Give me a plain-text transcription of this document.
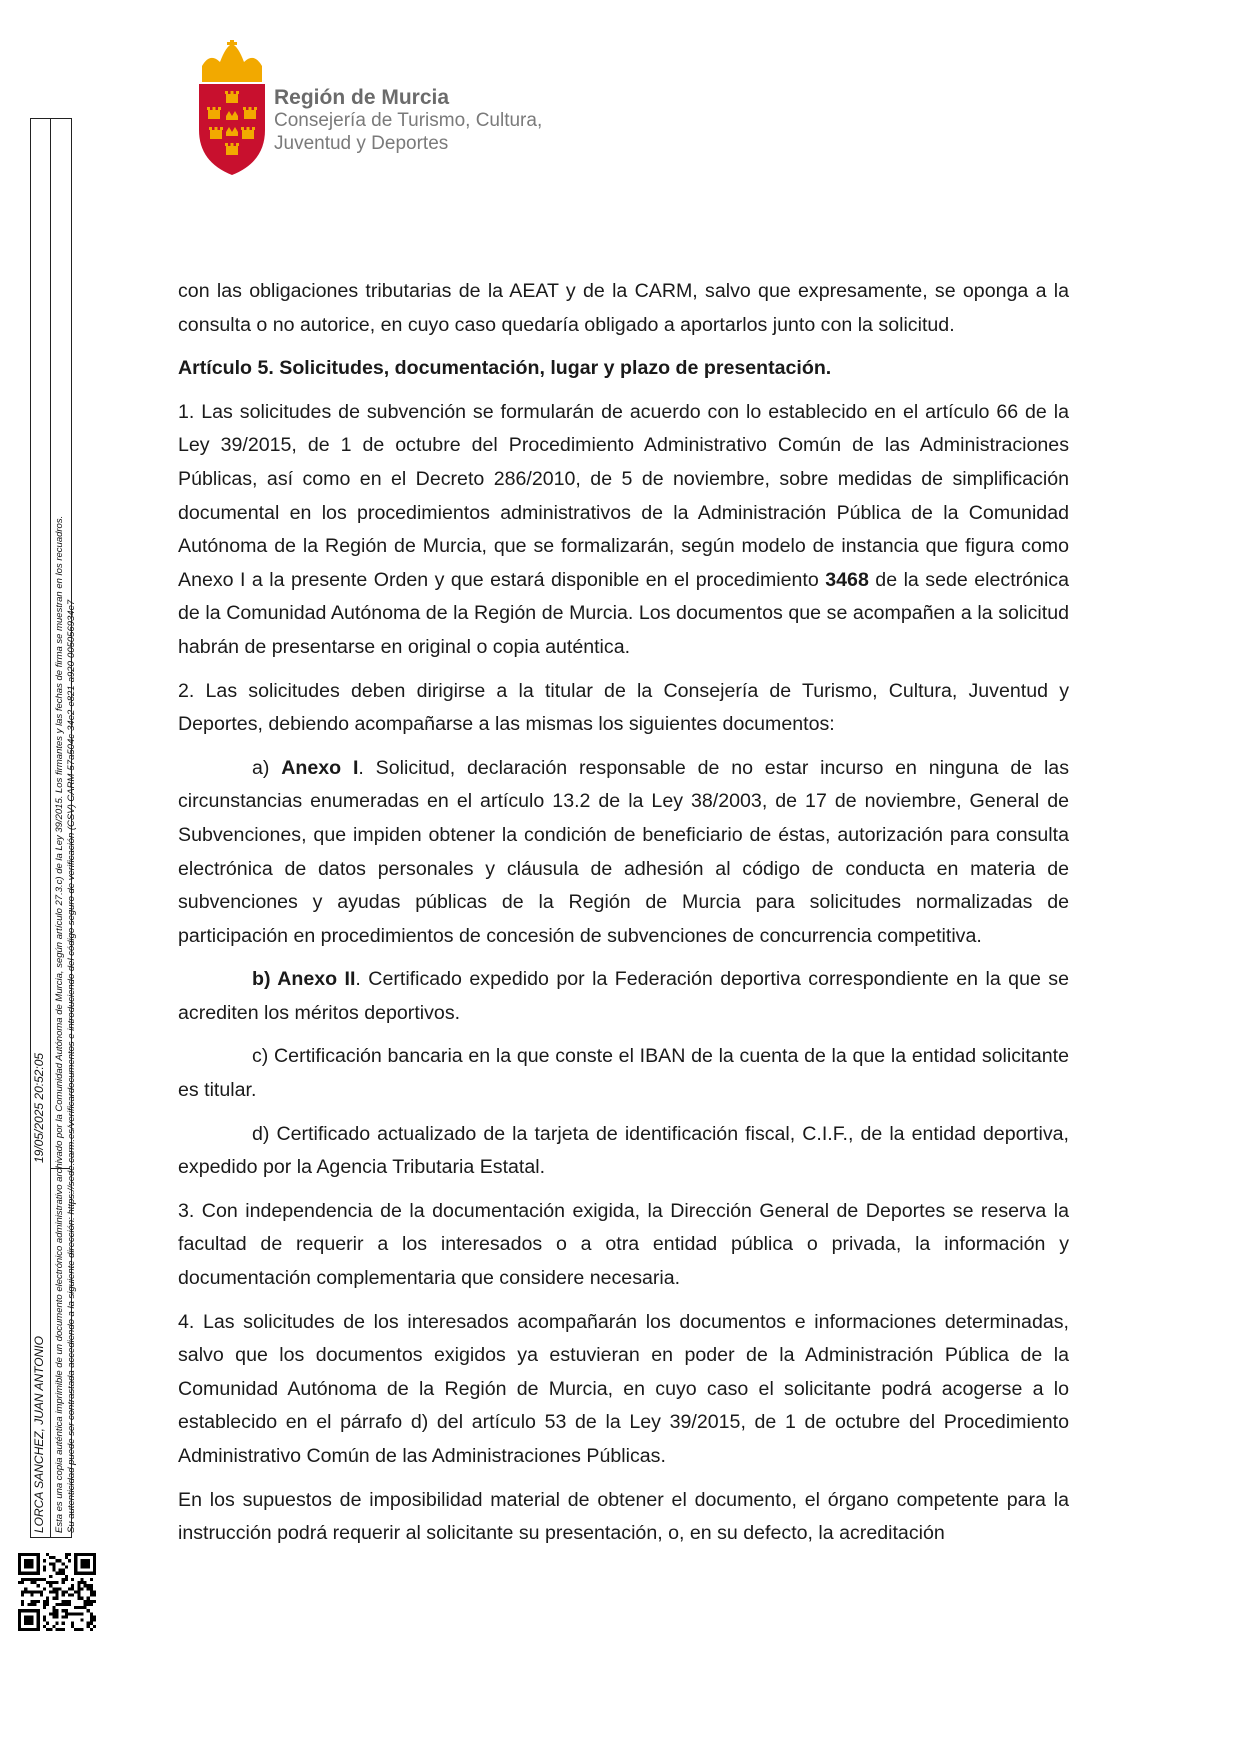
Región de Murcia
Consejería de Turismo, Cultura,
Juventud y Deportes
LORCA SANCHEZ, JUAN ANTONIO
19/05/2025 20:52:05 Esta es una copia auténtica imprimible de un documento electrónico administrativo archivado por la Comunidad Autónoma de Murcia, según artículo 27.3.c) de la Ley 39/2015. Los firmantes y las fechas de firma se muestran en los recuadros. Su autenticidad puede ser contrastada accediendo a la siguiente dirección: https://sede.carm.es/verificardocumentos e introduciendo del código seguro de verificación (CSV) CARM-57a504c-34e2-e821-a920-005056934e7

con las obligaciones tributarias de la AEAT y de la CARM, salvo que expresamente, se oponga a la consulta o no autorice, en cuyo caso quedaría obligado a aportarlos junto con la solicitud.

Artículo 5. Solicitudes, documentación, lugar y plazo de presentación.

1. Las solicitudes de subvención se formularán de acuerdo con lo establecido en el artículo 66 de la Ley 39/2015, de 1 de octubre del Procedimiento Administrativo Común de las Administraciones Públicas, así como en el Decreto 286/2010, de 5 de noviembre, sobre medidas de simplificación documental en los procedimientos administrativos de la Administración Pública de la Comunidad Autónoma de la Región de Murcia, que se formalizarán, según modelo de instancia que figura como Anexo I a la presente Orden y que estará disponible en el procedimiento 3468 de la sede electrónica de la Comunidad Autónoma de la Región de Murcia. Los documentos que se acompañen a la solicitud habrán de presentarse en original o copia auténtica.

2. Las solicitudes deben dirigirse a la titular de la Consejería de Turismo, Cultura, Juventud y Deportes, debiendo acompañarse a las mismas los siguientes documentos:

a) Anexo I. Solicitud, declaración responsable de no estar incurso en ninguna de las circunstancias enumeradas en el artículo 13.2 de la Ley 38/2003, de 17 de noviembre, General de Subvenciones, que impiden obtener la condición de beneficiario de éstas, autorización para consulta electrónica de datos personales y cláusula de adhesión al código de conducta en materia de subvenciones y ayudas públicas de la Región de Murcia para solicitudes normalizadas de participación en procedimientos de concesión de subvenciones de concurrencia competitiva.

b) Anexo II. Certificado expedido por la Federación deportiva correspondiente en la que se acrediten los méritos deportivos.

c) Certificación bancaria en la que conste el IBAN de la cuenta de la que la entidad solicitante es titular.

d) Certificado actualizado de la tarjeta de identificación fiscal, C.I.F., de la entidad deportiva, expedido por la Agencia Tributaria Estatal.

3. Con independencia de la documentación exigida, la Dirección General de Deportes se reserva la facultad de requerir a los interesados o a otra entidad pública o privada, la información y documentación complementaria que considere necesaria.

4. Las solicitudes de los interesados acompañarán los documentos e informaciones determinadas, salvo que los documentos exigidos ya estuvieran en poder de la Administración Pública de la Comunidad Autónoma de la Región de Murcia, en cuyo caso el solicitante podrá acogerse a lo establecido en el párrafo d) del artículo 53 de la Ley 39/2015, de 1 de octubre del Procedimiento Administrativo Común de las Administraciones Públicas.

En los supuestos de imposibilidad material de obtener el documento, el órgano competente para la instrucción podrá requerir al solicitante su presentación, o, en su defecto, la acreditación
